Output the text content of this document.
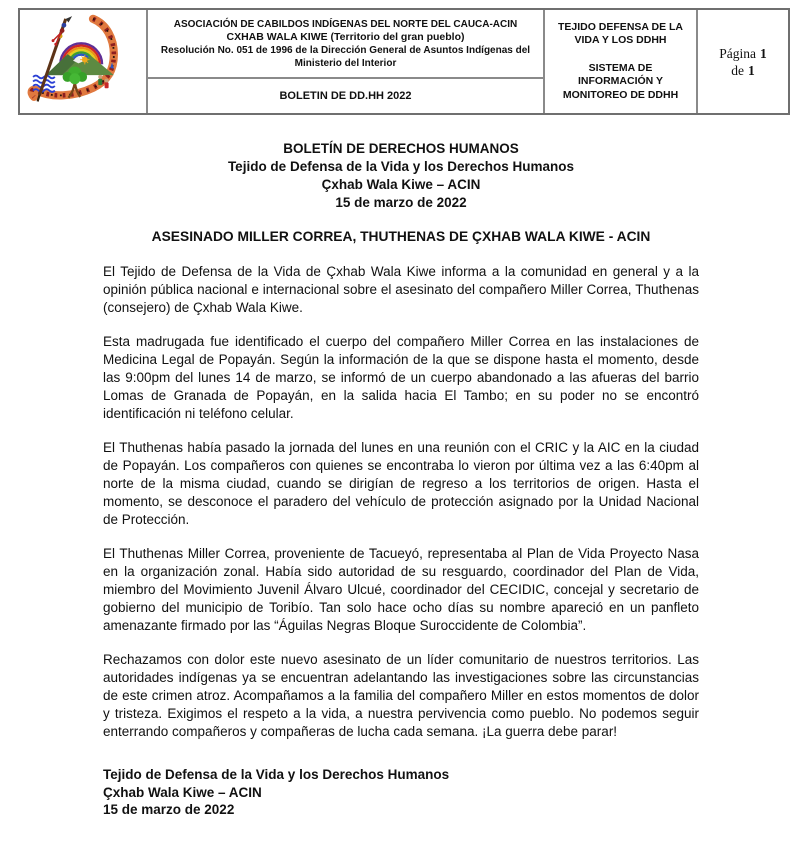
ASOCIACIÓN DE CABILDOS INDÍGENAS DEL NORTE DEL CAUCA-ACIN
CXHAB WALA KIWE (Territorio del gran pueblo)
Resolución No. 051 de 1996 de la Dirección General de Asuntos Indígenas del Ministerio del Interior
BOLETIN DE DD.HH 2022
TEJIDO DEFENSA DE LA VIDA Y LOS DDHH
SISTEMA DE INFORMACIÓN Y MONITOREO DE DDHH
Página 1
de 1
BOLETÍN DE DERECHOS HUMANOS
Tejido de Defensa de la Vida y los Derechos Humanos
Çxhab Wala Kiwe – ACIN
15 de marzo de 2022
ASESINADO MILLER CORREA, THUTHENAS DE ÇXHAB WALA KIWE - ACIN

El Tejido de Defensa de la Vida de Çxhab Wala Kiwe informa a la comunidad en general y a la opinión pública nacional e internacional sobre el asesinato del compañero Miller Correa, Thuthenas (consejero) de Çxhab Wala Kiwe.

Esta madrugada fue identificado el cuerpo del compañero Miller Correa en las instalaciones de Medicina Legal de Popayán. Según la información de la que se dispone hasta el momento, desde las 9:00pm del lunes 14 de marzo, se informó de un cuerpo abandonado a las afueras del barrio Lomas de Granada de Popayán, en la salida hacia El Tambo; en su poder no se encontró identificación ni teléfono celular.

El Thuthenas había pasado la jornada del lunes en una reunión con el CRIC y la AIC en la ciudad de Popayán. Los compañeros con quienes se encontraba lo vieron por última vez a las 6:40pm al norte de la misma ciudad, cuando se dirigían de regreso a los territorios de origen. Hasta el momento, se desconoce el paradero del vehículo de protección asignado por la Unidad Nacional de Protección.

El Thuthenas Miller Correa, proveniente de Tacueyó, representaba al Plan de Vida Proyecto Nasa en la organización zonal. Había sido autoridad de su resguardo, coordinador del Plan de Vida, miembro del Movimiento Juvenil Álvaro Ulcué, coordinador del CECIDIC, concejal y secretario de gobierno del municipio de Toribío. Tan solo hace ocho días su nombre apareció en un panfleto amenazante firmado por las “Águilas Negras Bloque Suroccidente de Colombia”.

Rechazamos con dolor este nuevo asesinato de un líder comunitario de nuestros territorios. Las autoridades indígenas ya se encuentran adelantando las investigaciones sobre las circunstancias de este crimen atroz. Acompañamos a la familia del compañero Miller en estos momentos de dolor y tristeza. Exigimos el respeto a la vida, a nuestra pervivencia como pueblo. No podemos seguir enterrando compañeros y compañeras de lucha cada semana. ¡La guerra debe parar!

Tejido de Defensa de la Vida y los Derechos Humanos
Çxhab Wala Kiwe – ACIN
15 de marzo de 2022
